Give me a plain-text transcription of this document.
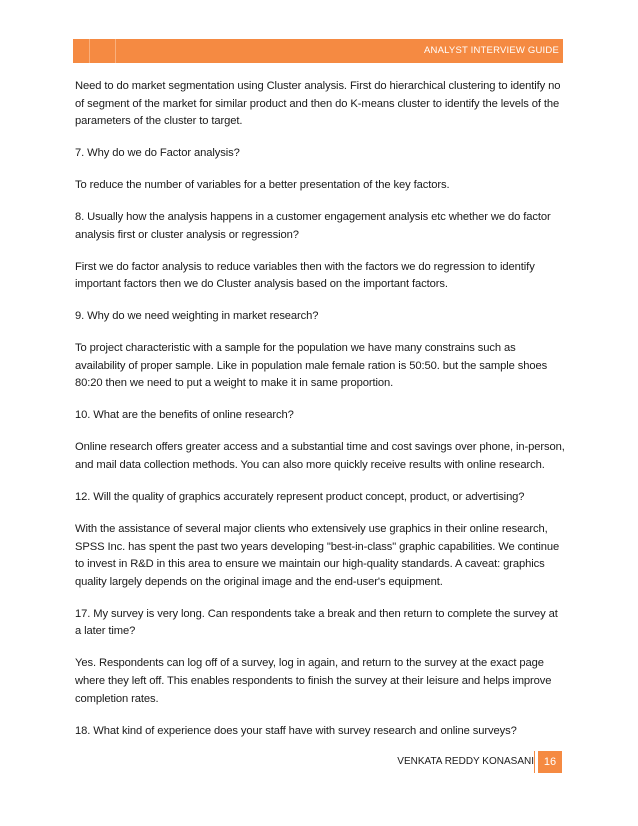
ANALYST INTERVIEW GUIDE

Need to do market segmentation using Cluster analysis. First do hierarchical clustering to identify no of segment of the market for similar product and then do K-means cluster to identify the levels of the parameters of the cluster to target.

7. Why do we do Factor analysis?

To reduce the number of variables for a better presentation of the key factors.

8. Usually how the analysis happens in a customer engagement analysis etc whether we do factor analysis first or cluster analysis or regression?

First we do factor analysis to reduce variables then with the factors we do regression to identify important factors then we do Cluster analysis based on the important factors.

9. Why do we need weighting in market research?

To project characteristic with a sample for the population we have many constrains such as availability of proper sample. Like in population male female ration is 50:50. but the sample shoes 80:20 then we need to put a weight to make it in same proportion.

10. What are the benefits of online research?

Online research offers greater access and a substantial time and cost savings over phone, in-person, and mail data collection methods. You can also more quickly receive results with online research.

12. Will the quality of graphics accurately represent product concept, product, or advertising?

With the assistance of several major clients who extensively use graphics in their online research, SPSS Inc. has spent the past two years developing "best-in-class" graphic capabilities. We continue to invest in R&D in this area to ensure we maintain our high-quality standards. A caveat: graphics quality largely depends on the original image and the end-user's equipment.

17. My survey is very long. Can respondents take a break and then return to complete the survey at a later time?

Yes. Respondents can log off of a survey, log in again, and return to the survey at the exact page where they left off. This enables respondents to finish the survey at their leisure and helps improve completion rates.

18. What kind of experience does your staff have with survey research and online surveys?

VENKATA REDDY KONASANI 16
